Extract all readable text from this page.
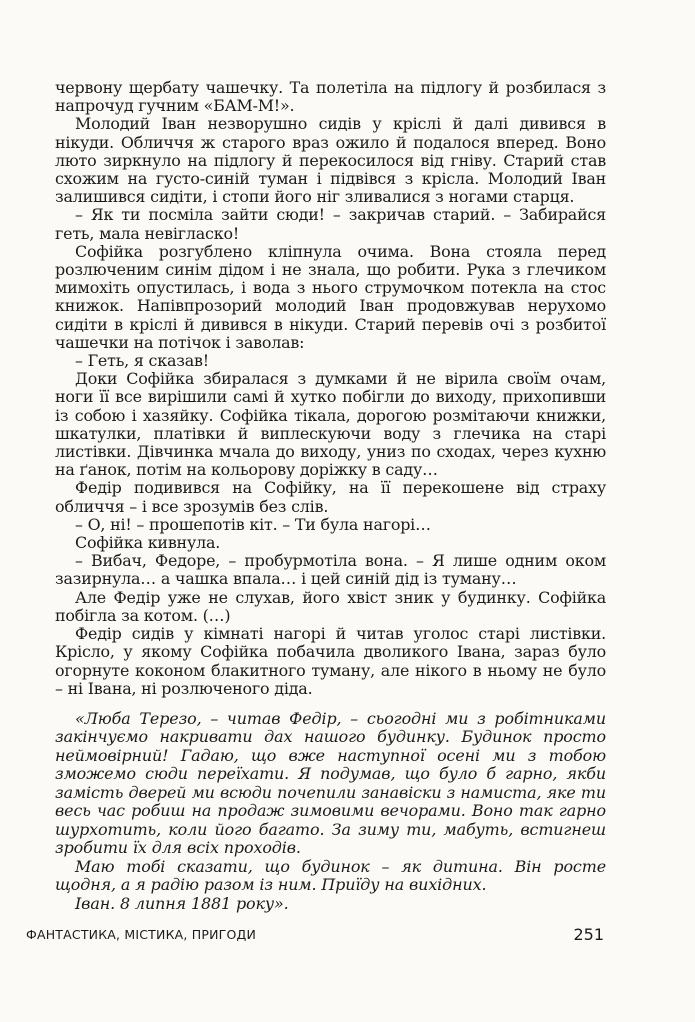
червону щербату чашечку. Та полетіла на підлогу й розбилася з напрочуд гучним «БАМ-М!».

Молодий Іван незворушно сидів у кріслі й далі дивився в нікуди. Обличчя ж старого враз ожило й подалося вперед. Воно люто зиркнуло на підлогу й перекосилося від гніву. Старий став схожим на густо-синій туман і підвівся з крісла. Молодий Іван залишився сидіти, і стопи його ніг зливалися з ногами старця.

– Як ти посміла зайти сюди! – закричав старий. – Забирайся геть, мала невігласко!

Софійка розгублено кліпнула очима. Вона стояла перед розлюченим синім дідом і не знала, що робити. Рука з глечиком мимохіть опустилась, і вода з нього струмочком потекла на стос книжок. Напівпрозорий молодий Іван продовжував нерухомо сидіти в кріслі й дивився в нікуди. Старий перевів очі з розбитої чашечки на потічок і заволав:

– Геть, я сказав!

Доки Софійка збиралася з думками й не вірила своїм очам, ноги її все вирішили самі й хутко побігли до виходу, прихопивши із собою і хазяйку. Софійка тікала, дорогою розмітаючи книжки, шкатулки, платівки й виплескуючи воду з глечика на старі листівки. Дівчинка мчала до виходу, униз по сходах, через кухню на ґанок, потім на кольорову доріжку в саду…

Федір подивився на Софійку, на її перекошене від страху обличчя – і все зрозумів без слів.

– О, ні! – прошепотів кіт. – Ти була нагорі…

Софійка кивнула.

– Вибач, Федоре, – пробурмотіла вона. – Я лише одним оком зазирнула… а чашка впала… і цей синій дід із туману…

Але Федір уже не слухав, його хвіст зник у будинку. Софійка побігла за котом. (…)

Федір сидів у кімнаті нагорі й читав уголос старі листівки. Крісло, у якому Софійка побачила дволикого Івана, зараз було огорнуте коконом блакитного туману, але нікого в ньому не було – ні Івана, ні розлюченого діда.

«Люба Терезо, – читав Федір, – сьогодні ми з робітниками закінчуємо накривати дах нашого будинку. Будинок просто неймовірний! Гадаю, що вже наступної осені ми з тобою зможемо сюди переїхати. Я подумав, що було б гарно, якби замість дверей ми всюди почепили занавіски з намиста, яке ти весь час робиш на продаж зимовими вечорами. Воно так гарно шурхотить, коли його багато. За зиму ти, мабуть, встигнеш зробити їх для всіх проходів.

Маю тобі сказати, що будинок – як дитина. Він росте щодня, а я радію разом із ним. Приїду на вихідних.

Іван. 8 липня 1881 року».

ФАНТАСТИКА, МІСТИКА, ПРИГОДИ	251
